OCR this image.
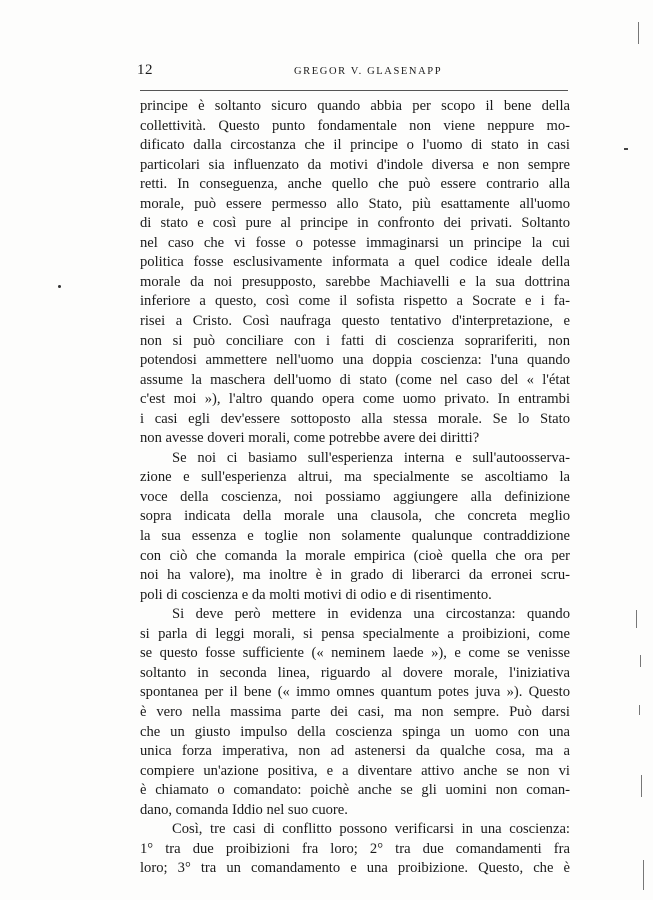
12	GREGOR V. GLASENAPP
principe è soltanto sicuro quando abbia per scopo il bene della
collettività. Questo punto fondamentale non viene neppure mo-
dificato dalla circostanza che il principe o l'uomo di stato in casi
particolari sia influenzato da motivi d'indole diversa e non sempre
retti. In conseguenza, anche quello che può essere contrario alla
morale, può essere permesso allo Stato, più esattamente all'uomo
di stato e così pure al principe in confronto dei privati. Soltanto
nel caso che vi fosse o potesse immaginarsi un principe la cui
politica fosse esclusivamente informata a quel codice ideale della
morale da noi presupposto, sarebbe Machiavelli e la sua dottrina
inferiore a questo, così come il sofista rispetto a Socrate e i fa-
risei a Cristo. Così naufraga questo tentativo d'interpretazione, e
non si può conciliare con i fatti di coscienza soprariferiti, non
potendosi ammettere nell'uomo una doppia coscienza: l'una quando
assume la maschera dell'uomo di stato (come nel caso del « l'état
c'est moi »), l'altro quando opera come uomo privato. In entrambi
i casi egli dev'essere sottoposto alla stessa morale. Se lo Stato
non avesse doveri morali, come potrebbe avere dei diritti?
Se noi ci basiamo sull'esperienza interna e sull'autoosserva-
zione e sull'esperienza altrui, ma specialmente se ascoltiamo la
voce della coscienza, noi possiamo aggiungere alla definizione
sopra indicata della morale una clausola, che concreta meglio
la sua essenza e toglie non solamente qualunque contraddizione
con ciò che comanda la morale empirica (cioè quella che ora per
noi ha valore), ma inoltre è in grado di liberarci da erronei scru-
poli di coscienza e da molti motivi di odio e di risentimento.
Si deve però mettere in evidenza una circostanza: quando
si parla di leggi morali, si pensa specialmente a proibizioni, come
se questo fosse sufficiente (« neminem laede »), e come se venisse
soltanto in seconda linea, riguardo al dovere morale, l'iniziativa
spontanea per il bene (« immo omnes quantum potes juva »). Questo
è vero nella massima parte dei casi, ma non sempre. Può darsi
che un giusto impulso della coscienza spinga un uomo con una
unica forza imperativa, non ad astenersi da qualche cosa, ma a
compiere un'azione positiva, e a diventare attivo anche se non vi
è chiamato o comandato: poichè anche se gli uomini non coman-
dano, comanda Iddio nel suo cuore.
Così, tre casi di conflitto possono verificarsi in una coscienza:
1° tra due proibizioni fra loro; 2° tra due comandamenti fra
loro; 3° tra un comandamento e una proibizione. Questo, che è
